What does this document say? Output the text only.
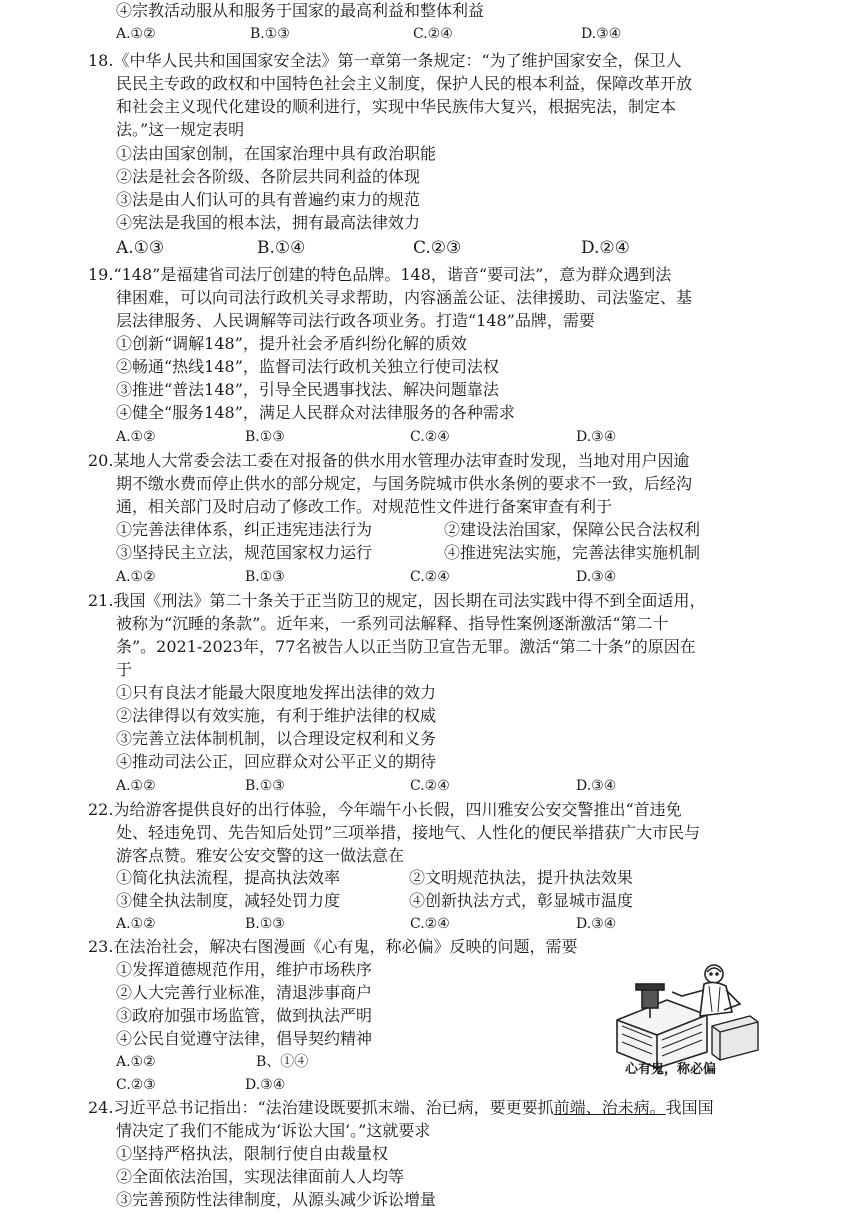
④宗教活动服从和服务于国家的最高利益和整体利益
A.①②	B.①③	C.②④	D.③④
18.《中华人民共和国国家安全法》第一章第一条规定：“为了维护国家安全，保卫人
民民主专政的政权和中国特色社会主义制度，保护人民的根本利益，保障改革开放
和社会主义现代化建设的顺利进行，实现中华民族伟大复兴，根据宪法，制定本
法。”这一规定表明
①法由国家创制，在国家治理中具有政治职能
②法是社会各阶级、各阶层共同利益的体现
③法是由人们认可的具有普遍约束力的规范
④宪法是我国的根本法，拥有最高法律效力
A.①③	B.①④	C.②③	D.②④
19.“148”是福建省司法厅创建的特色品牌。148，谐音“要司法”，意为群众遇到法
律困难，可以向司法行政机关寻求帮助，内容涵盖公证、法律援助、司法鉴定、基
层法律服务、人民调解等司法行政各项业务。打造“148”品牌，需要
①创新“调解148”，提升社会矛盾纠纷化解的质效
②畅通“热线148”，监督司法行政机关独立行使司法权
③推进“普法148”，引导全民遇事找法、解决问题靠法
④健全“服务148”，满足人民群众对法律服务的各种需求
A.①②	B.①③	C.②④	D.③④
20.某地人大常委会法工委在对报备的供水用水管理办法审查时发现，当地对用户因逾
期不缴水费而停止供水的部分规定，与国务院城市供水条例的要求不一致，后经沟
通，相关部门及时启动了修改工作。对规范性文件进行备案审查有利于
①完善法律体系，纠正违宪违法行为	②建设法治国家，保障公民合法权利
③坚持民主立法，规范国家权力运行	④推进宪法实施，完善法律实施机制
A.①②	B.①③	C.②④	D.③④
21.我国《刑法》第二十条关于正当防卫的规定，因长期在司法实践中得不到全面适用，
被称为“沉睡的条款”。近年来，一系列司法解释、指导性案例逐渐激活“第二十
条”。2021-2023年，77名被告人以正当防卫宣告无罪。激活“第二十条”的原因在
于
①只有良法才能最大限度地发挥出法律的效力
②法律得以有效实施，有利于维护法律的权威
③完善立法体制机制，以合理设定权利和义务
④推动司法公正，回应群众对公平正义的期待
A.①②	B.①③	C.②④	D.③④
22.为给游客提供良好的出行体验，今年端午小长假，四川雅安公安交警推出“首违免
处、轻违免罚、先告知后处罚”三项举措，接地气、人性化的便民举措获广大市民与
游客点赞。雅安公安交警的这一做法意在
①简化执法流程，提高执法效率	②文明规范执法，提升执法效果
③健全执法制度，减轻处罚力度	④创新执法方式，彰显城市温度
A.①②	B.①③	C.②④	D.③④
23.在法治社会，解决右图漫画《心有鬼，称必偏》反映的问题，需要
①发挥道德规范作用，维护市场秩序
②人大完善行业标准，清退涉事商户
③政府加强市场监管，做到执法严明
④公民自觉遵守法律，倡导契约精神
A.①②	B、①④
C.②③	D.③④
心有鬼，称必偏
24.习近平总书记指出：“法治建设既要抓末端、治已病，要更要抓前端、治未病。我国国
情决定了我们不能成为‘诉讼大国’。”这就要求
①坚持严格执法，限制行使自由裁量权
②全面依法治国，实现法律面前人人均等
③完善预防性法律制度，从源头减少诉讼增量
